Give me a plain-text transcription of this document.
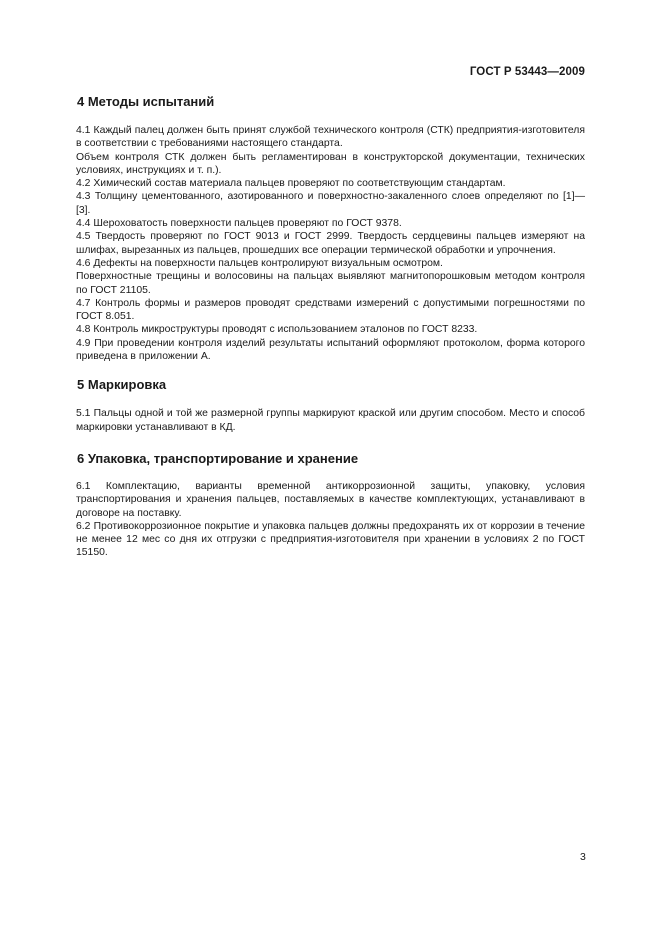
ГОСТ Р 53443—2009
4 Методы испытаний

4.1 Каждый палец должен быть принят службой технического контроля (СТК) предприятия-изготовителя в соответствии с требованиями настоящего стандарта.

Объем контроля СТК должен быть регламентирован в конструкторской документации, технических условиях, инструкциях и т. п.).

4.2 Химический состав материала пальцев проверяют по соответствующим стандартам.

4.3 Толщину цементованного, азотированного и поверхностно-закаленного слоев определяют по [1]—[3].

4.4 Шероховатость поверхности пальцев проверяют по ГОСТ 9378.

4.5 Твердость проверяют по ГОСТ 9013 и ГОСТ 2999. Твердость сердцевины пальцев измеряют на шлифах, вырезанных из пальцев, прошедших все операции термической обработки и упрочнения.

4.6 Дефекты на поверхности пальцев контролируют визуальным осмотром.

Поверхностные трещины и волосовины на пальцах выявляют магнитопорошковым методом контроля по ГОСТ 21105.

4.7 Контроль формы и размеров проводят средствами измерений с допустимыми погрешностями по ГОСТ 8.051.

4.8 Контроль микроструктуры проводят с использованием эталонов по ГОСТ 8233.

4.9 При проведении контроля изделий результаты испытаний оформляют протоколом, форма которого приведена в приложении А.

5 Маркировка

5.1 Пальцы одной и той же размерной группы маркируют краской или другим способом. Место и способ маркировки устанавливают в КД.

6 Упаковка, транспортирование и хранение

6.1 Комплектацию, варианты временной антикоррозионной защиты, упаковку, условия транспортирования и хранения пальцев, поставляемых в качестве комплектующих, устанавливают в договоре на поставку.

6.2 Противокоррозионное покрытие и упаковка пальцев должны предохранять их от коррозии в течение не менее 12 мес со дня их отгрузки с предприятия-изготовителя при хранении в условиях 2 по ГОСТ 15150.

3
